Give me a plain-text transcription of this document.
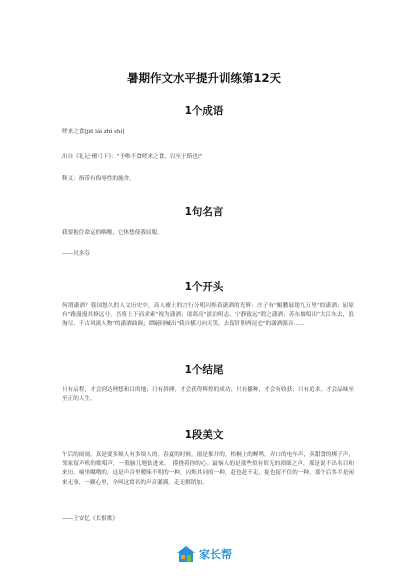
暑期作文水平提升训练第12天
1个成语
嗟来之食[jiē lái zhī shí]
出自《礼记·檀弓下》："予唯不食嗟来之食，以至于斯也!"
释义：指带有侮辱性的施舍。
1句名言
我要扼住命运的咽喉，它休想使我屈服。
——贝多芬
1个开头
何谓潇洒？我国悠久的人文历史中，高人雅士的言行分明闪烁着潇洒的光辉：庄子有"鲲鹏展翅九万里"的潇洒；屈原有"路漫漫其修远兮，吾将上下而求索"视为潇洒；诸葛亮"淡泊明志，宁静致远"谓之潇洒；苏东坡唱出"大江东去，浪淘尽，千古风流人物"的潇洒曲调；谭嗣同喊出"我自横刀向天笑，去留肝胆两昆仑"的潇洒强音……
1个结尾
只有启程，才会到达理想和目的地；只有拼搏，才会获得辉煌的成功；只有播种，才会有收获；只有追求，才会品味至至正的人生。
1段美文
午后的闹闹，真是要多烦人有多烦人的。春夏的时候，窗是推开的，梧桐上的蝉鸣，弄口的电车声，卖甜食的梆子声，邻家留声机的歌唱声，一股脑儿地钻进来。　摸挠着你的心。最恼人的是那些似有似无的琐细之声，那是说不出名目和来历，嘀里嘟噜的，这是声音里暧昧不明的一种，闪烁其词的一种，赶也赶不走，捉也捉不住的一种，那午后多半是闲来无事，一颗心里，全叫这窝名的声音灌满，走无解销加。
——王安忆《长恨歌》
家长帮
